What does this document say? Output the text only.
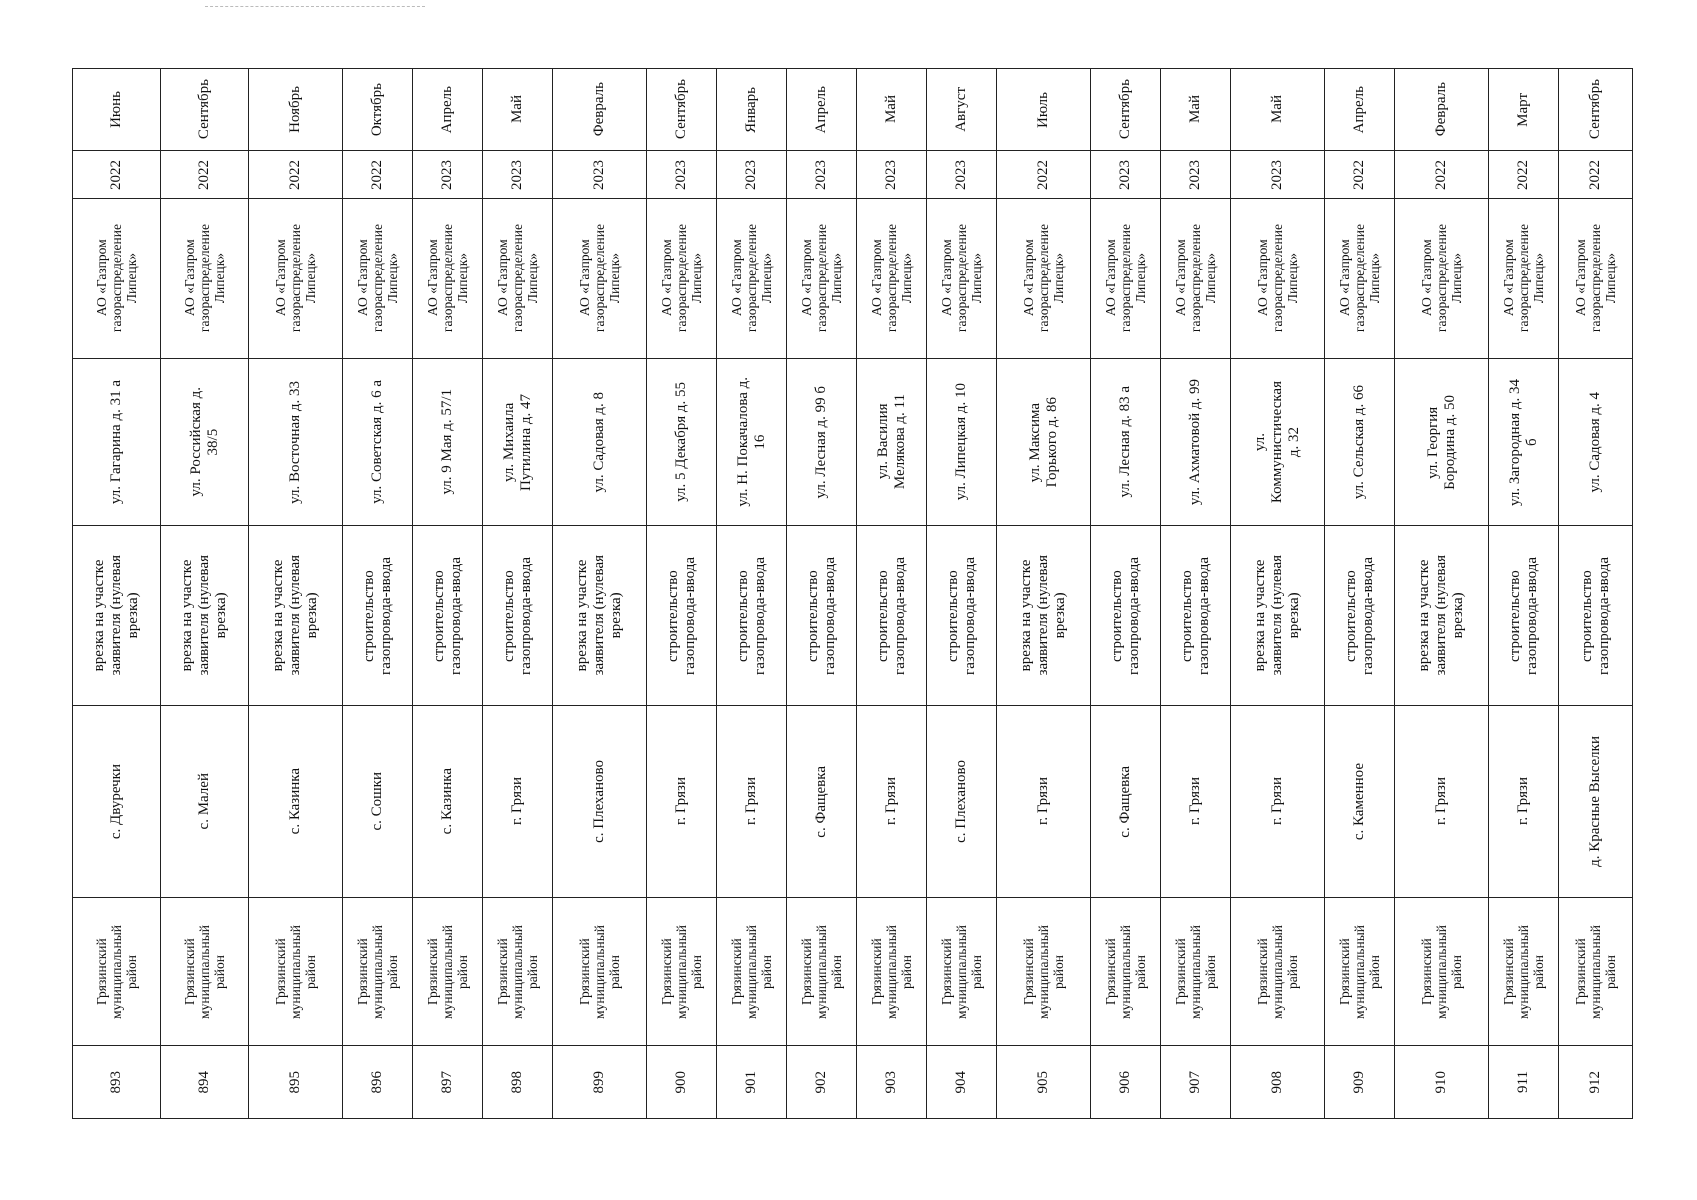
Июнь	Сентябрь	Ноябрь	Октябрь	Апрель	Май	Февраль	Сентябрь	Январь	Апрель	Май	Август	Июль	Сентябрь	Май	Май	Апрель	Февраль	Март	Сентябрь

2022	2022	2022	2022	2023	2023	2023	2023	2023	2023	2023	2023	2022	2023	2023	2023	2022	2022	2022	2022

АО «Газпром
газораспределение
Липецк»	АО «Газпром
газораспределение
Липецк»	АО «Газпром
газораспределение
Липецк»	АО «Газпром
газораспределение
Липецк»	АО «Газпром
газораспределение
Липецк»	АО «Газпром
газораспределение
Липецк»	АО «Газпром
газораспределение
Липецк»	АО «Газпром
газораспределение
Липецк»	АО «Газпром
газораспределение
Липецк»	АО «Газпром
газораспределение
Липецк»	АО «Газпром
газораспределение
Липецк»	АО «Газпром
газораспределение
Липецк»	АО «Газпром
газораспределение
Липецк»	АО «Газпром
газораспределение
Липецк»	АО «Газпром
газораспределение
Липецк»	АО «Газпром
газораспределение
Липецк»	АО «Газпром
газораспределение
Липецк»	АО «Газпром
газораспределение
Липецк»	АО «Газпром
газораспределение
Липецк»	АО «Газпром
газораспределение
Липецк»

ул. Гагарина д. 31 а	ул. Российская д.
38/5	ул. Восточная д. 33	ул. Советская д. 6 а	ул. 9 Мая д. 57/1	ул. Михаила
Путилина д. 47	ул. Садовая д. 8	ул. 5 Декабря д. 55	ул. Н. Покачалова д.
16	ул. Лесная д. 99 б	ул. Василия
Мелякова д. 11	ул. Липецкая д. 10	ул. Максима
Горького д. 86	ул. Лесная д. 83 а	ул. Ахматовой д. 99	ул.
Коммунистическая
д. 32	ул. Сельская д. 66	ул. Георгия
Бородина д. 50	ул. Загородная д. 34
б	ул. Садовая д. 4

врезка на участке
заявителя (нулевая
врезка)	врезка на участке
заявителя (нулевая
врезка)	врезка на участке
заявителя (нулевая
врезка)	строительство
газопровода-ввода	строительство
газопровода-ввода	строительство
газопровода-ввода	врезка на участке
заявителя (нулевая
врезка)	строительство
газопровода-ввода	строительство
газопровода-ввода	строительство
газопровода-ввода	строительство
газопровода-ввода	строительство
газопровода-ввода	врезка на участке
заявителя (нулевая
врезка)	строительство
газопровода-ввода	строительство
газопровода-ввода	врезка на участке
заявителя (нулевая
врезка)	строительство
газопровода-ввода	врезка на участке
заявителя (нулевая
врезка)	строительство
газопровода-ввода	строительство
газопровода-ввода

с. Двуречки	с. Малей	с. Казинка	с. Сошки	с. Казинка	г. Грязи	с. Плеханово	г. Грязи	г. Грязи	с. Фащевка	г. Грязи	с. Плеханово	г. Грязи	с. Фащевка	г. Грязи	г. Грязи	с. Каменное	г. Грязи	г. Грязи	д. Красные Выселки

Грязинский
муниципальный
район	Грязинский
муниципальный
район	Грязинский
муниципальный
район	Грязинский
муниципальный
район	Грязинский
муниципальный
район	Грязинский
муниципальный
район	Грязинский
муниципальный
район	Грязинский
муниципальный
район	Грязинский
муниципальный
район	Грязинский
муниципальный
район	Грязинский
муниципальный
район	Грязинский
муниципальный
район	Грязинский
муниципальный
район	Грязинский
муниципальный
район	Грязинский
муниципальный
район	Грязинский
муниципальный
район	Грязинский
муниципальный
район	Грязинский
муниципальный
район	Грязинский
муниципальный
район	Грязинский
муниципальный
район

893	894	895	896	897	898	899	900	901	902	903	904	905	906	907	908	909	910	911	912
